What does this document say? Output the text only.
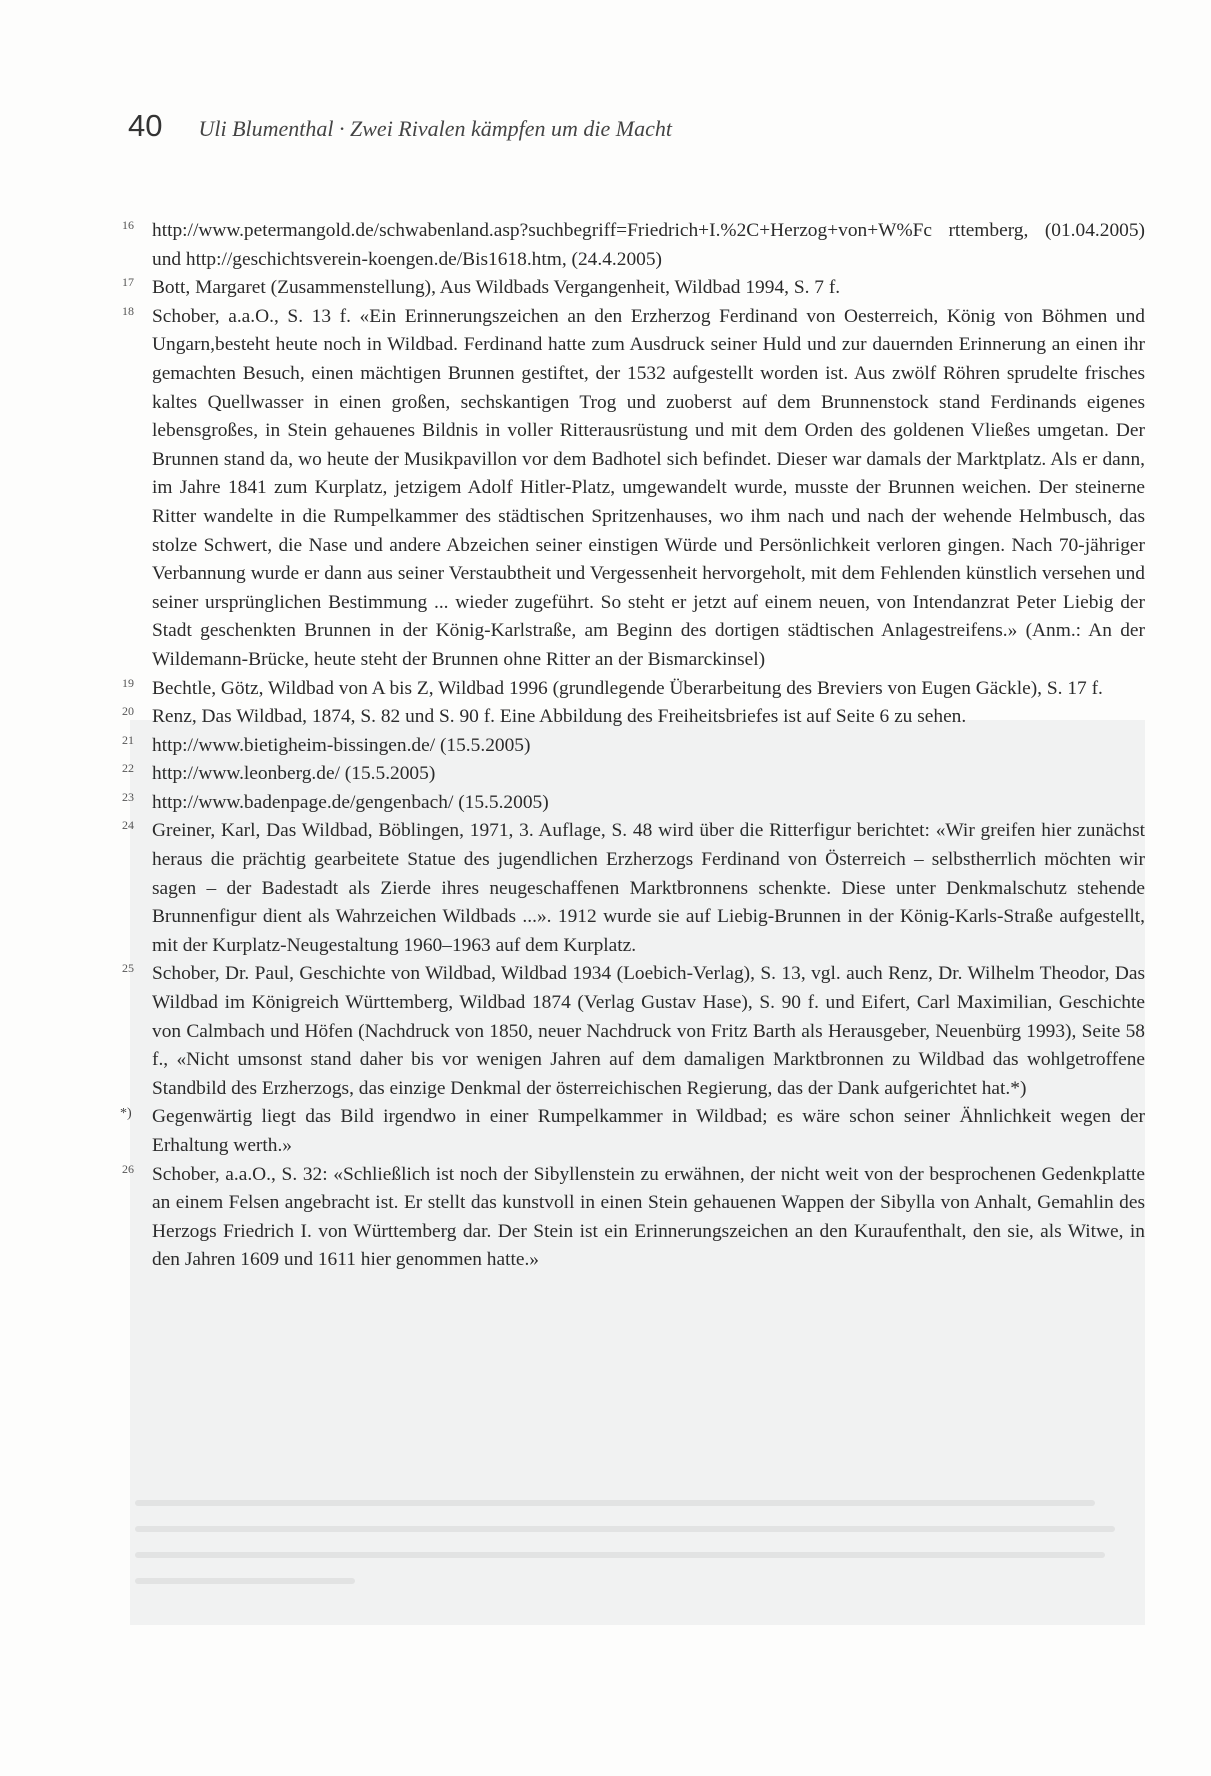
40 Uli Blumenthal · Zwei Rivalen kämpfen um die Macht
16 http://www.petermangold.de/schwabenland.asp?suchbegriff=Friedrich+I.%2C+Herzog+von+W%Fc rttemberg, (01.04.2005) und http://geschichtsverein-koengen.de/Bis1618.htm, (24.4.2005)
17 Bott, Margaret (Zusammenstellung), Aus Wildbads Vergangenheit, Wildbad 1994, S. 7 f.
18 Schober, a.a.O., S. 13 f. «Ein Erinnerungszeichen an den Erzherzog Ferdinand von Oesterreich, König von Böhmen und Ungarn,besteht heute noch in Wildbad. Ferdinand hatte zum Ausdruck seiner Huld und zur dauernden Erinnerung an einen ihr gemachten Besuch, einen mächtigen Brunnen gestiftet, der 1532 aufgestellt worden ist. Aus zwölf Röhren sprudelte frisches kaltes Quellwasser in einen großen, sechskantigen Trog und zuoberst auf dem Brunnenstock stand Ferdinands eigenes lebensgroßes, in Stein gehauenes Bildnis in voller Ritterausrüstung und mit dem Orden des goldenen Vließes umgetan. Der Brunnen stand da, wo heute der Musikpavillon vor dem Badhotel sich befindet. Dieser war damals der Marktplatz. Als er dann, im Jahre 1841 zum Kurplatz, jetzigem Adolf Hitler-Platz, umgewandelt wurde, musste der Brunnen weichen. Der steinerne Ritter wandelte in die Rumpelkammer des städtischen Spritzenhauses, wo ihm nach und nach der wehende Helmbusch, das stolze Schwert, die Nase und andere Abzeichen seiner einstigen Würde und Persönlichkeit verloren gingen. Nach 70-jähriger Verbannung wurde er dann aus seiner Verstaubtheit und Vergessenheit hervorgeholt, mit dem Fehlenden künstlich versehen und seiner ursprünglichen Bestimmung ... wieder zugeführt. So steht er jetzt auf einem neuen, von Intendanzrat Peter Liebig der Stadt geschenkten Brunnen in der König-Karlstraße, am Beginn des dortigen städtischen Anlagestreifens.» (Anm.: An der Wildemann-Brücke, heute steht der Brunnen ohne Ritter an der Bismarckinsel)
19 Bechtle, Götz, Wildbad von A bis Z, Wildbad 1996 (grundlegende Überarbeitung des Breviers von Eugen Gäckle), S. 17 f.
20 Renz, Das Wildbad, 1874, S. 82 und S. 90 f. Eine Abbildung des Freiheitsbriefes ist auf Seite 6 zu sehen.
21 http://www.bietigheim-bissingen.de/ (15.5.2005)
22 http://www.leonberg.de/ (15.5.2005)
23 http://www.badenpage.de/gengenbach/ (15.5.2005)
24 Greiner, Karl, Das Wildbad, Böblingen, 1971, 3. Auflage, S. 48 wird über die Ritterfigur berichtet: «Wir greifen hier zunächst heraus die prächtig gearbeitete Statue des jugendlichen Erzherzogs Ferdinand von Österreich – selbstherrlich möchten wir sagen – der Badestadt als Zierde ihres neugeschaffenen Marktbronnens schenkte. Diese unter Denkmalschutz stehende Brunnenfigur dient als Wahrzeichen Wildbads ...». 1912 wurde sie auf Liebig-Brunnen in der König-Karls-Straße aufgestellt, mit der Kurplatz-Neugestaltung 1960–1963 auf dem Kurplatz.
25 Schober, Dr. Paul, Geschichte von Wildbad, Wildbad 1934 (Loebich-Verlag), S. 13, vgl. auch Renz, Dr. Wilhelm Theodor, Das Wildbad im Königreich Württemberg, Wildbad 1874 (Verlag Gustav Hase), S. 90 f. und Eifert, Carl Maximilian, Geschichte von Calmbach und Höfen (Nachdruck von 1850, neuer Nachdruck von Fritz Barth als Herausgeber, Neuenbürg 1993), Seite 58 f., «Nicht umsonst stand daher bis vor wenigen Jahren auf dem damaligen Marktbronnen zu Wildbad das wohlgetroffene Standbild des Erzherzogs, das einzige Denkmal der österreichischen Regierung, das der Dank aufgerichtet hat.*)
*) Gegenwärtig liegt das Bild irgendwo in einer Rumpelkammer in Wildbad; es wäre schon seiner Ähnlichkeit wegen der Erhaltung werth.»
26 Schober, a.a.O., S. 32: «Schließlich ist noch der Sibyllenstein zu erwähnen, der nicht weit von der besprochenen Gedenkplatte an einem Felsen angebracht ist. Er stellt das kunstvoll in einen Stein gehauenen Wappen der Sibylla von Anhalt, Gemahlin des Herzogs Friedrich I. von Württemberg dar. Der Stein ist ein Erinnerungszeichen an den Kuraufenthalt, den sie, als Witwe, in den Jahren 1609 und 1611 hier genommen hatte.»
